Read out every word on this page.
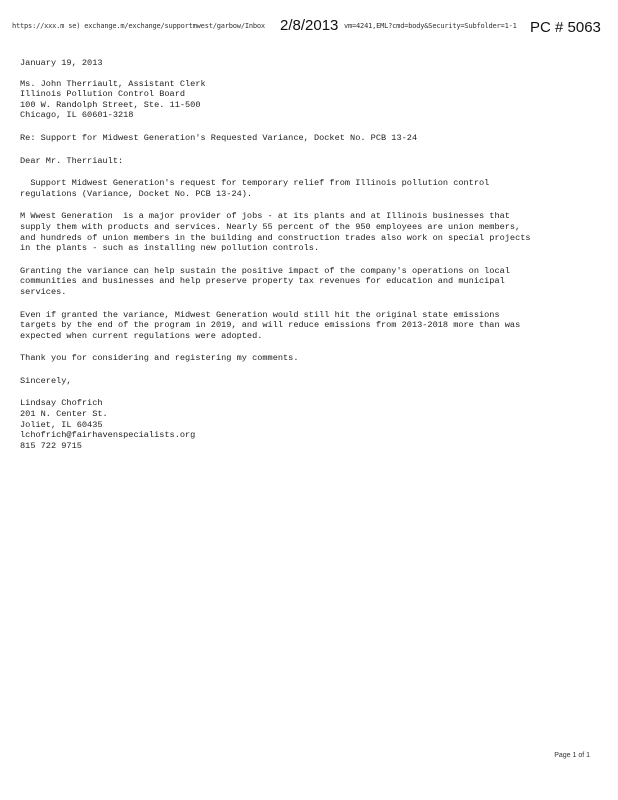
https://xxx.m se) exchange.m/exchange/supportmwest/garbow/Inbox	2/8/2013 vm=4241,EML?cmd=body&Security=Subfolder=1-1 PC # 5063
January 19, 2013
Ms. John Therriault, Assistant Clerk
Illinois Pollution Control Board
100 W. Randolph Street, Ste. 11-500
Chicago, IL 60601-3218
Re: Support for Midwest Generation's Requested Variance, Docket No. PCB 13-24
Dear Mr. Therriault:
Support Midwest Generation's request for temporary relief from Illinois pollution control
regulations (Variance, Docket No. PCB 13-24).
M Wwest Generation  is a major provider of jobs - at its plants and at Illinois businesses that
supply them with products and services. Nearly 55 percent of the 950 employees are union members,
and hundreds of union members in the building and construction trades also work on special projects
in the plants - such as installing new pollution controls.
Granting the variance can help sustain the positive impact of the company's operations on local
communities and businesses and help preserve property tax revenues for education and municipal
services.
Even if granted the variance, Midwest Generation would still hit the original state emissions
targets by the end of the program in 2019, and will reduce emissions from 2013-2018 more than was
expected when current regulations were adopted.
Thank you for considering and registering my comments.
Sincerely,
Lindsay Chofrich
201 N. Center St.
Joliet, IL 60435
lchofrich@fairhavenspecialists.org
815 722 9715
Page 1 of 1
